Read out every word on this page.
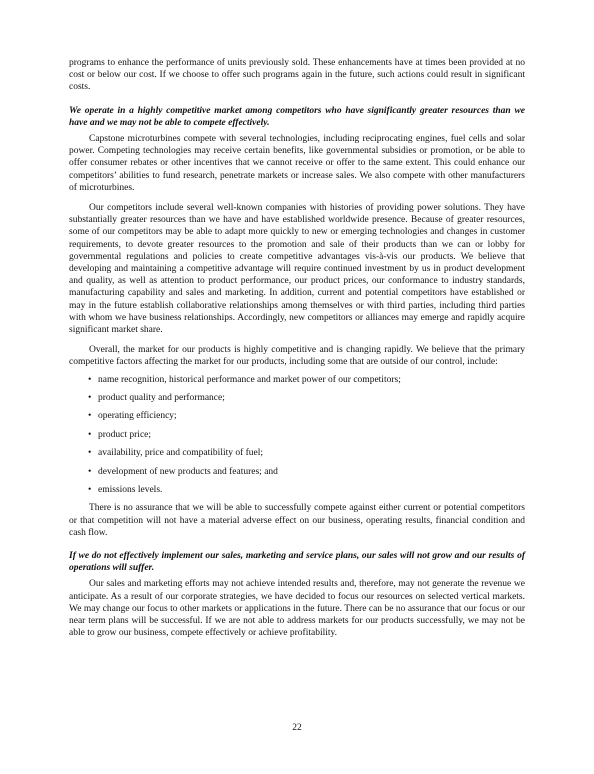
programs to enhance the performance of units previously sold. These enhancements have at times been provided at no cost or below our cost. If we choose to offer such programs again in the future, such actions could result in significant costs.

We operate in a highly competitive market among competitors who have significantly greater resources than we have and we may not be able to compete effectively.

Capstone microturbines compete with several technologies, including reciprocating engines, fuel cells and solar power. Competing technologies may receive certain benefits, like governmental subsidies or promotion, or be able to offer consumer rebates or other incentives that we cannot receive or offer to the same extent. This could enhance our competitors’ abilities to fund research, penetrate markets or increase sales. We also compete with other manufacturers of microturbines.

Our competitors include several well-known companies with histories of providing power solutions. They have substantially greater resources than we have and have established worldwide presence. Because of greater resources, some of our competitors may be able to adapt more quickly to new or emerging technologies and changes in customer requirements, to devote greater resources to the promotion and sale of their products than we can or lobby for governmental regulations and policies to create competitive advantages vis-à-vis our products. We believe that developing and maintaining a competitive advantage will require continued investment by us in product development and quality, as well as attention to product performance, our product prices, our conformance to industry standards, manufacturing capability and sales and marketing. In addition, current and potential competitors have established or may in the future establish collaborative relationships among themselves or with third parties, including third parties with whom we have business relationships. Accordingly, new competitors or alliances may emerge and rapidly acquire significant market share.

Overall, the market for our products is highly competitive and is changing rapidly. We believe that the primary competitive factors affecting the market for our products, including some that are outside of our control, include:

• name recognition, historical performance and market power of our competitors;
• product quality and performance;
• operating efficiency;
• product price;
• availability, price and compatibility of fuel;
• development of new products and features; and
• emissions levels.

There is no assurance that we will be able to successfully compete against either current or potential competitors or that competition will not have a material adverse effect on our business, operating results, financial condition and cash flow.

If we do not effectively implement our sales, marketing and service plans, our sales will not grow and our results of operations will suffer.

Our sales and marketing efforts may not achieve intended results and, therefore, may not generate the revenue we anticipate. As a result of our corporate strategies, we have decided to focus our resources on selected vertical markets. We may change our focus to other markets or applications in the future. There can be no assurance that our focus or our near term plans will be successful. If we are not able to address markets for our products successfully, we may not be able to grow our business, compete effectively or achieve profitability.

22
